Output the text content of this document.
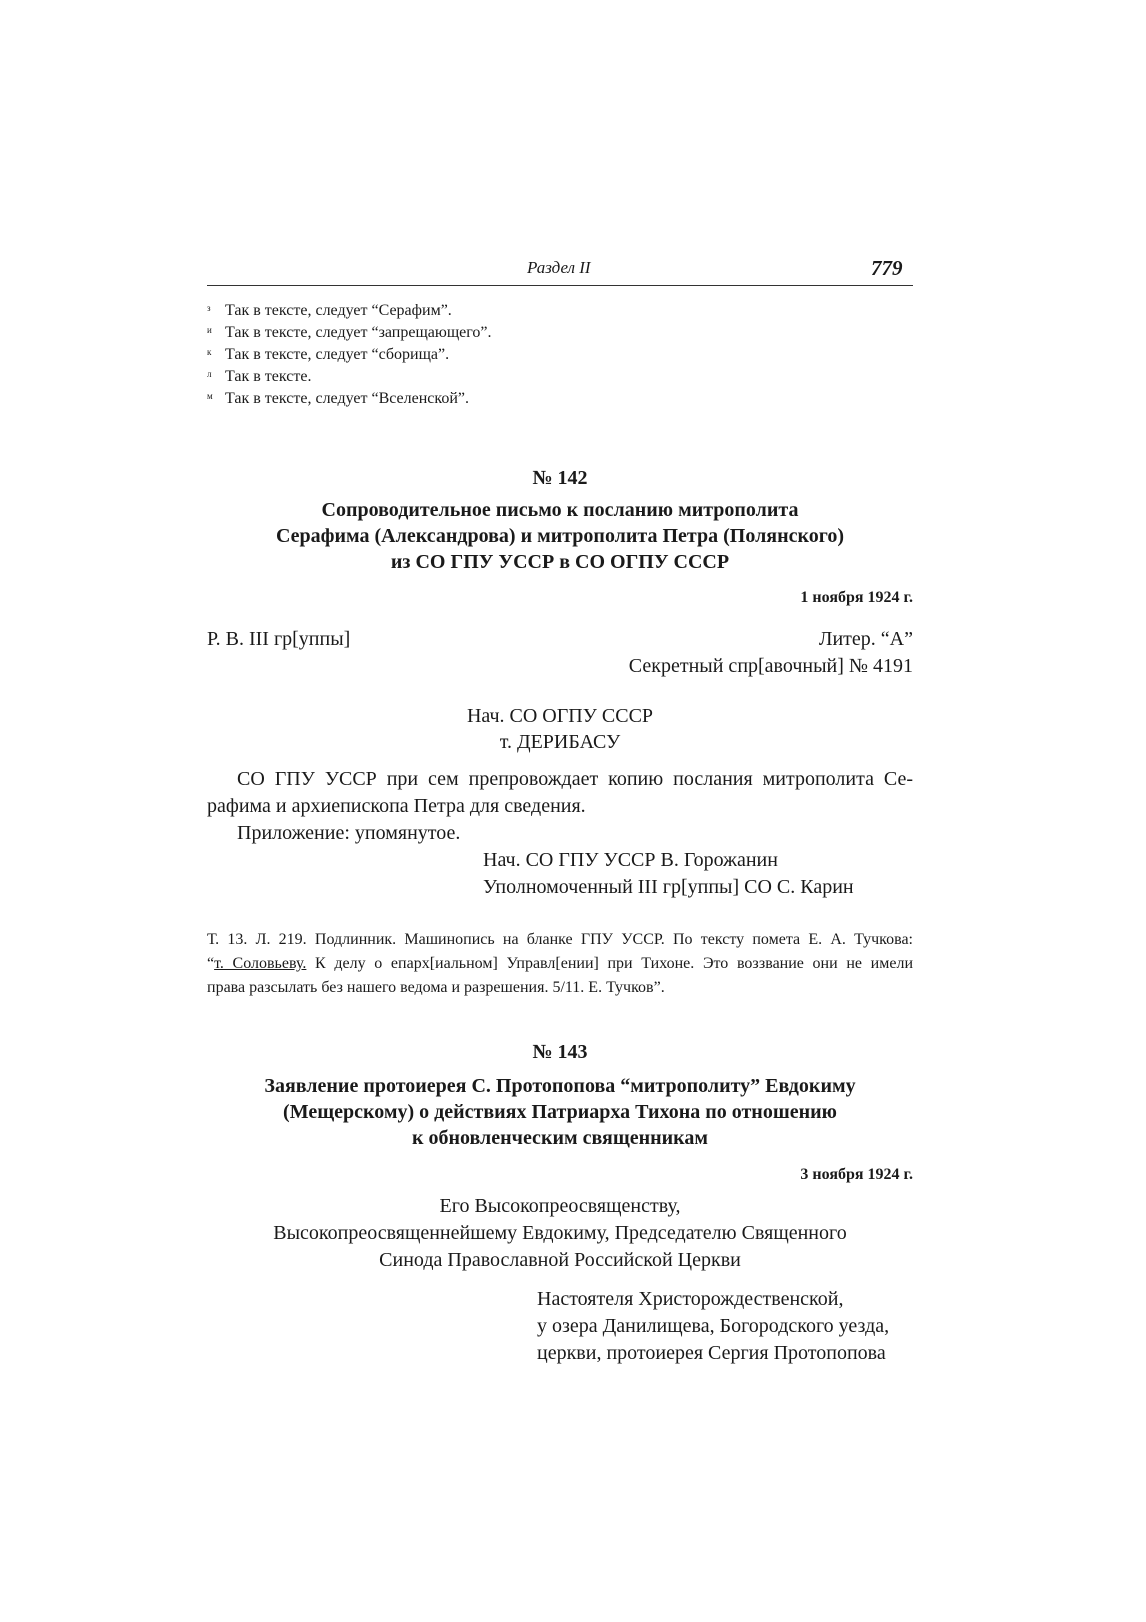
Раздел II	779
з Так в тексте, следует “Серафим”.
и Так в тексте, следует “запрещающего”.
к Так в тексте, следует “сборища”.
л Так в тексте.
м Так в тексте, следует “Вселенской”.
№ 142
Сопроводительное письмо к посланию митрополита
Серафима (Александрова) и митрополита Петра (Полянского)
из СО ГПУ УССР в СО ОГПУ СССР
1 ноября 1924 г.
Р. В. III гр[уппы]	Литер. “А”
Секретный спр[авочный] № 4191
Нач. СО ОГПУ СССР
т. ДЕРИБАСУ
СО ГПУ УССР при сем препровождает копию послания митрополита Се-
рафима и архиепископа Петра для сведения.
Приложение: упомянутое.
Нач. СО ГПУ УССР В. Горожанин
Уполномоченный III гр[уппы] СО С. Карин
Т. 13. Л. 219. Подлинник. Машинопись на бланке ГПУ УССР. По тексту помета Е. А. Тучкова:
“т. Соловьеву. К делу о епарх[иальном] Управл[ении] при Тихоне. Это воззвание они не имели
права разсылать без нашего ведома и разрешения. 5/11. Е. Тучков”.
№ 143
Заявление протоиерея С. Протопопова “митрополиту” Евдокиму
(Мещерскому) о действиях Патриарха Тихона по отношению
к обновленческим священникам
3 ноября 1924 г.
Его Высокопреосвященству,
Высокопреосвященнейшему Евдокиму, Председателю Священного
Синода Православной Российской Церкви
Настоятеля Христорождественской,
у озера Данилищева, Богородского уезда,
церкви, протоиерея Сергия Протопопова
